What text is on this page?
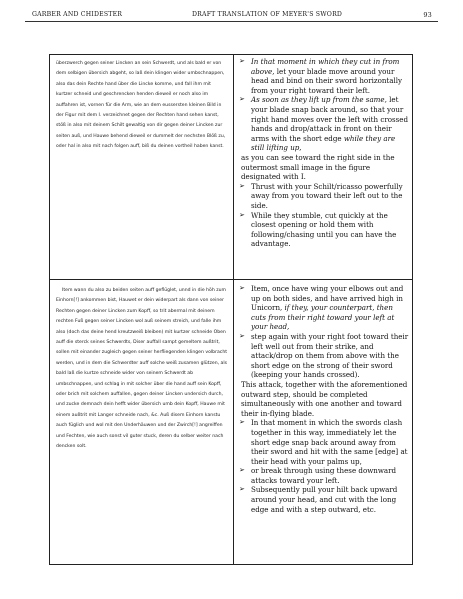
GARBER AND CHIDESTER	DRAFT TRANSLATION OF MEYER'S SWORD	93
überzwerch gegen seiner Lincken an sein Schwerdt, und als bald er von dem selbigen übersich abgeht, so laß dein klingen wider umbschnappen, also das dein Rechte hand über die Lincke komme, und fall ihm mit kurtzer schneid und geschrencken henden dieweil er noch also im auffahren ist, vornen für die Arm, wie an dem eussersten kleinen Bild in der Figur mit dem I. verzeichnet gegen der Rechten hand sehen kanst, stöß in also mit deinem Schilt gewaltig von dir gegen deiner Lincken zur seiten auß, und Hauwe behend dieweil er dummelt der nechsten Blöß zu, oder hal in also mit nach folgen auff, biß du deinen vortheil haben kanst.
➢ In that moment in which they cut in from above, let your blade move around your head and bind on their sword horizontally from your right toward their left.
➢ As soon as they lift up from the same, let your blade snap back around, so that your right hand moves over the left with crossed hands and drop/attack in front on their arms with the short edge while they are still lifting up,
as you can see toward the right side in the outermost small image in the figure designated with I.
➢ Thrust with your Schilt/ricasso powerfully away from you toward their left out to the side.
➢ While they stumble, cut quickly at the closest opening or hold them with following/chasing until you can have the advantage.
Item wann du also zu beiden seiten auff geflüglet, unnd in die höh zum Einhorn[!] ankommen bist, Hauwet er dein widerpart als dann von seiner Rechten gegen deiner Lincken zum Kopff, so trit abermal mit deinem rechten Fuß gegen seiner Lincken wol auß seinem streich, und falle ihm also (doch das deine hend kreutzweiß bleiben) mit kurtzer schneide Oben auff die sterck seines Schwerdts, Diser auffall sampt gemeltem außtrit, sollen mit einander zugleich gegen seiner herfliegenden klingen volbracht werden, und in dem die Schwerdter auff solche weiß zusamen glützen, als bald laß die kurtze schneide wider von seinem Schwerdt ab umbschnappen, und schlag in mit solcher über die hand auff sein Kopff, oder brich mit solchem auffallen, gegen deiner Lincken undersich durch, und zucke demnach dein hefft wider übersich umb dein Kopff, Hauwe mit einem außtrit mit Langer schneide nach, &c. Auß disem Einhorn kanstu auch füglich und wol mit den Underhäuwen und der Zwirch[!] angreiffen und Fechten, wie auch sonst vil guter stuck, deren du selber weiter nach dencken solt.
➢ Item, once have wing your elbows out and up on both sides, and have arrived high in Unicorn, if they, your counterpart, then cuts from their right toward your left at your head,
➢ step again with your right foot toward their left well out from their strike, and attack/drop on them from above with the short edge on the strong of their sword (keeping your hands crossed).
This attack, together with the aforementioned outward step, should be completed simultaneously with one another and toward their in-flying blade.
➢ In that moment in which the swords clash together in this way, immediately let the short edge snap back around away from their sword and hit with the same [edge] at their head with your palms up,
➢ or break through using these downward attacks toward your left.
➢ Subsequently pull your hilt back upward around your head, and cut with the long edge and with a step outward, etc.
